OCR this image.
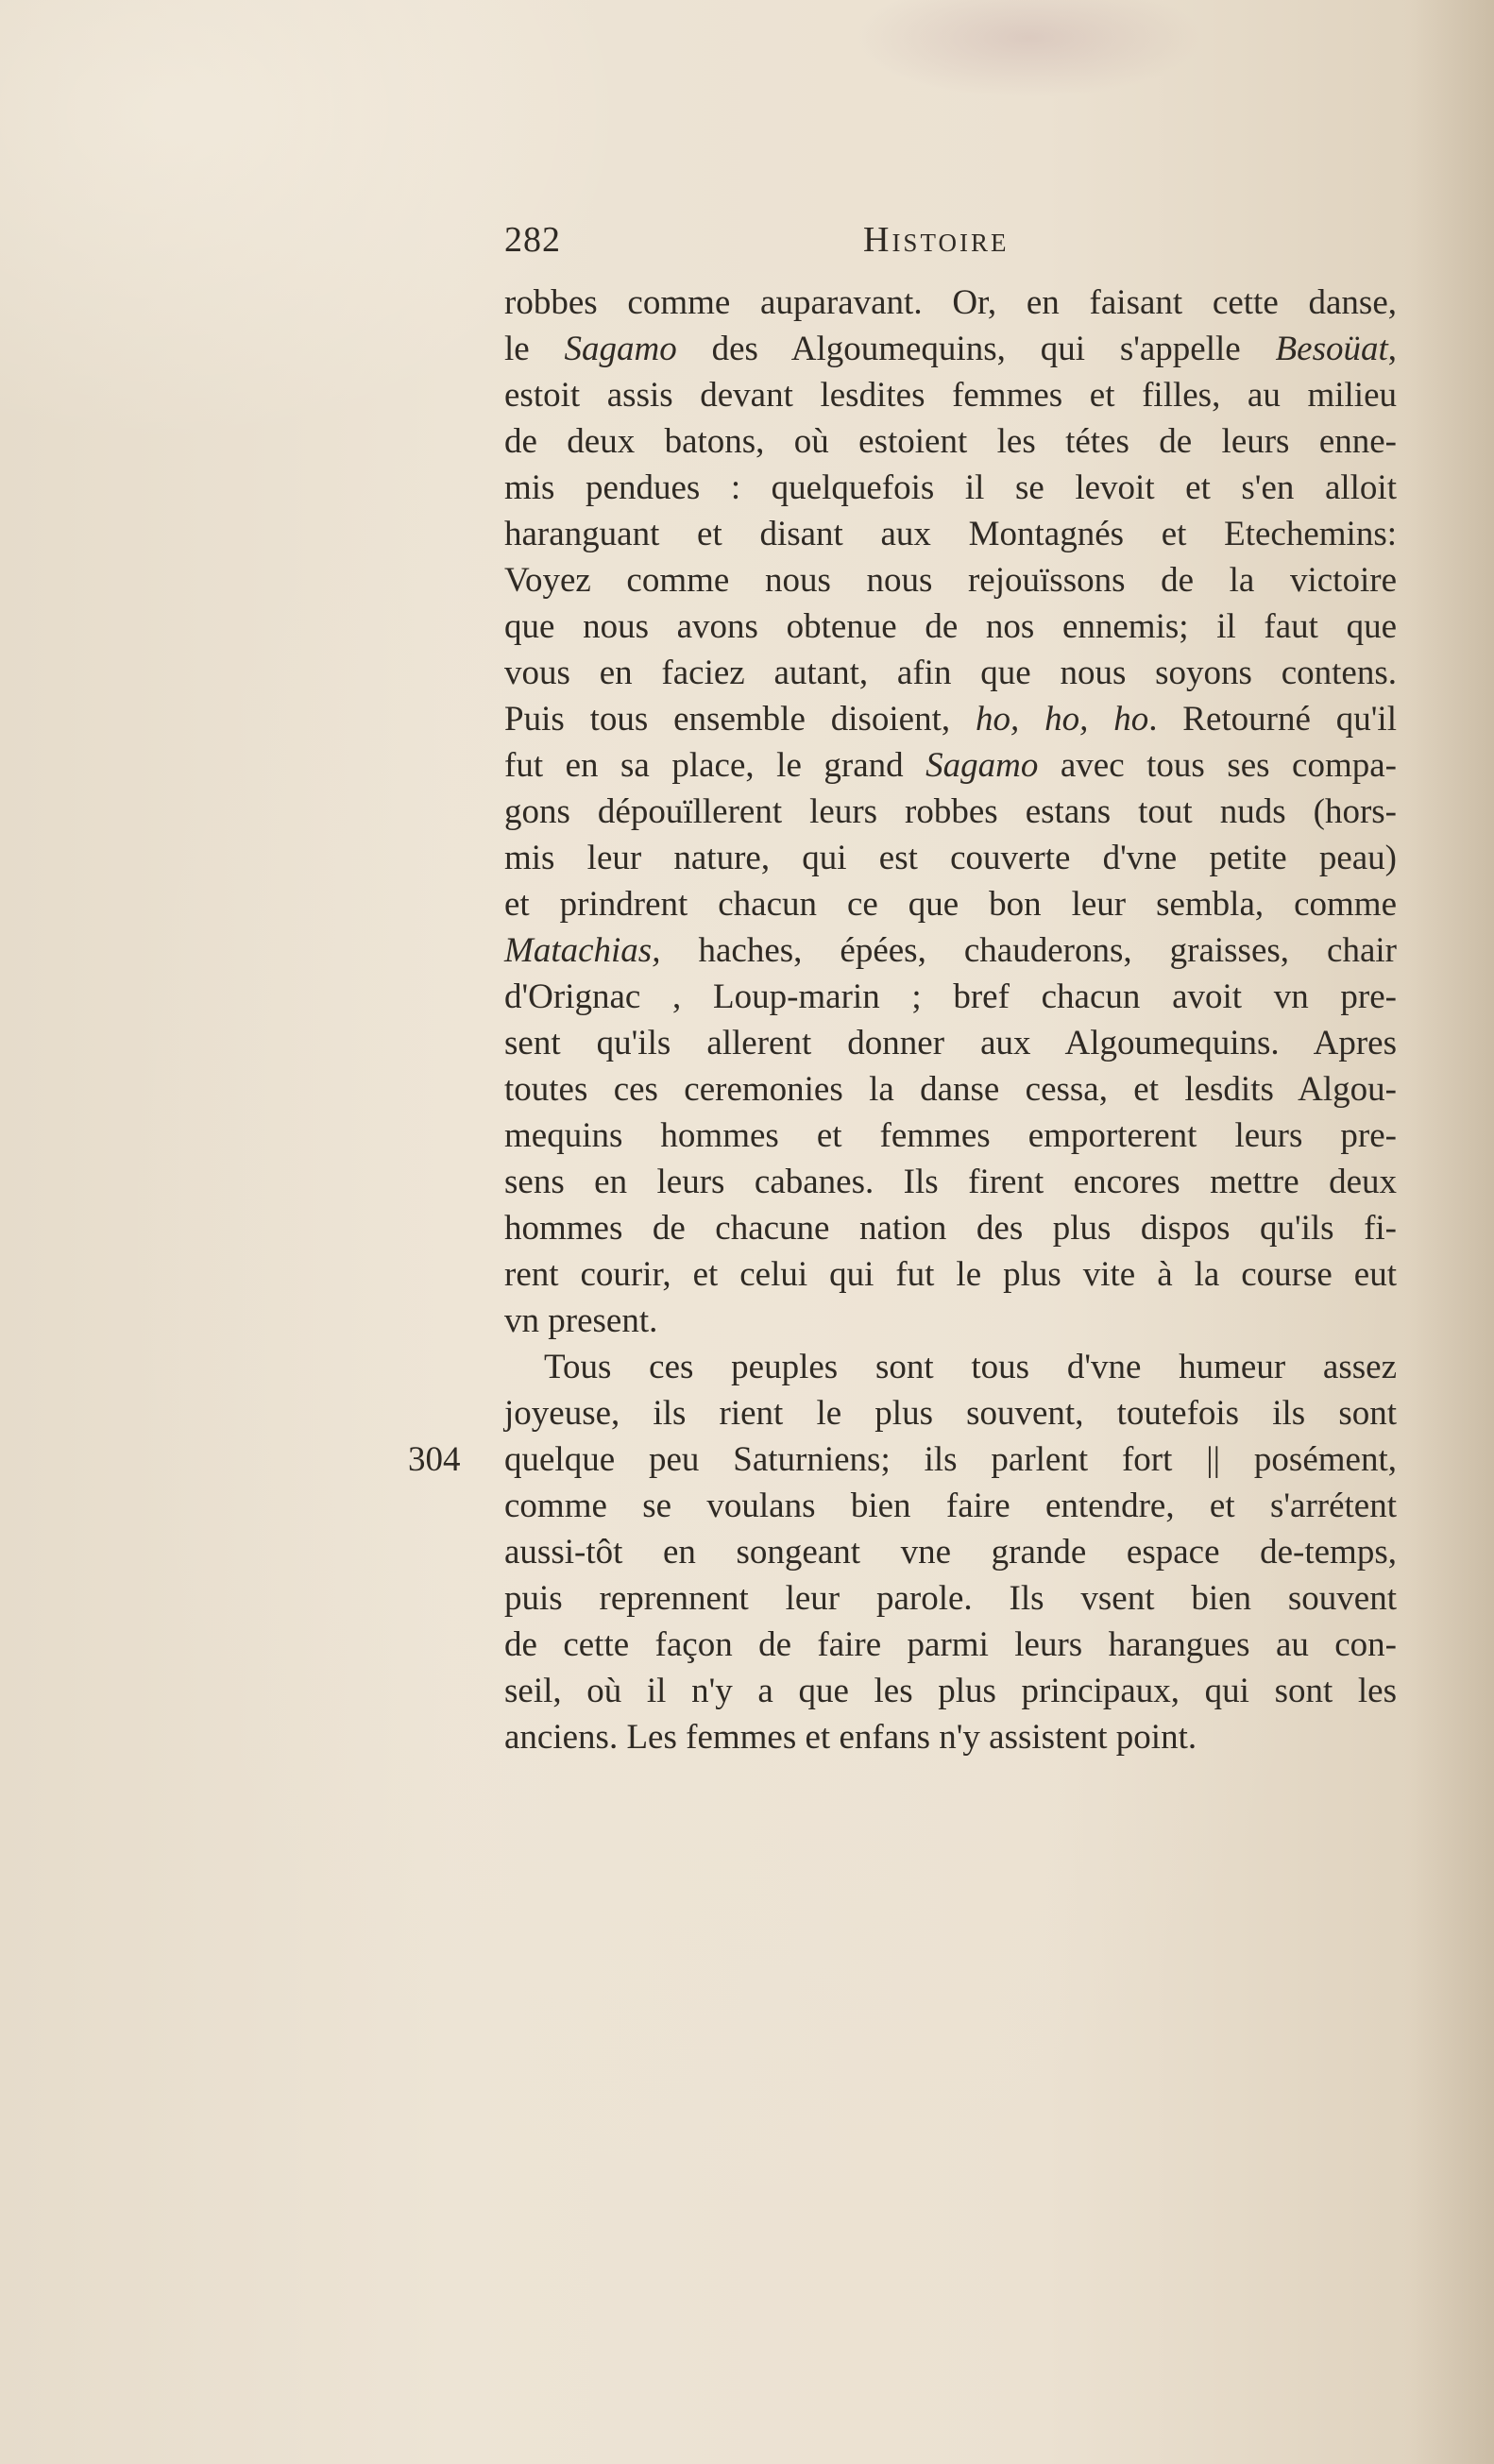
282	Histoire
304
robbes comme auparavant. Or, en faisant cette danse,
le Sagamo des Algoumequins, qui s'appelle Besoüat,
estoit assis devant lesdites femmes et filles, au milieu
de deux batons, où estoient les tétes de leurs enne-
mis pendues : quelquefois il se levoit et s'en alloit
haranguant et disant aux Montagnés et Etechemins:
Voyez comme nous nous rejouïssons de la victoire
que nous avons obtenue de nos ennemis; il faut que
vous en faciez autant, afin que nous soyons contens.
Puis tous ensemble disoient, ho, ho, ho. Retourné qu'il
fut en sa place, le grand Sagamo avec tous ses compa-
gons dépouïllerent leurs robbes estans tout nuds (hors-
mis leur nature, qui est couverte d'vne petite peau)
et prindrent chacun ce que bon leur sembla, comme
Matachias, haches, épées, chauderons, graisses, chair
d'Orignac , Loup-marin ; bref chacun avoit vn pre-
sent qu'ils allerent donner aux Algoumequins. Apres
toutes ces ceremonies la danse cessa, et lesdits Algou-
mequins hommes et femmes emporterent leurs pre-
sens en leurs cabanes. Ils firent encores mettre deux
hommes de chacune nation des plus dispos qu'ils fi-
rent courir, et celui qui fut le plus vite à la course eut
vn present.
Tous ces peuples sont tous d'vne humeur assez
joyeuse, ils rient le plus souvent, toutefois ils sont
quelque peu Saturniens; ils parlent fort || posément,
comme se voulans bien faire entendre, et s'arrétent
aussi-tôt en songeant vne grande espace de-temps,
puis reprennent leur parole. Ils vsent bien souvent
de cette façon de faire parmi leurs harangues au con-
seil, où il n'y a que les plus principaux, qui sont les
anciens. Les femmes et enfans n'y assistent point.
